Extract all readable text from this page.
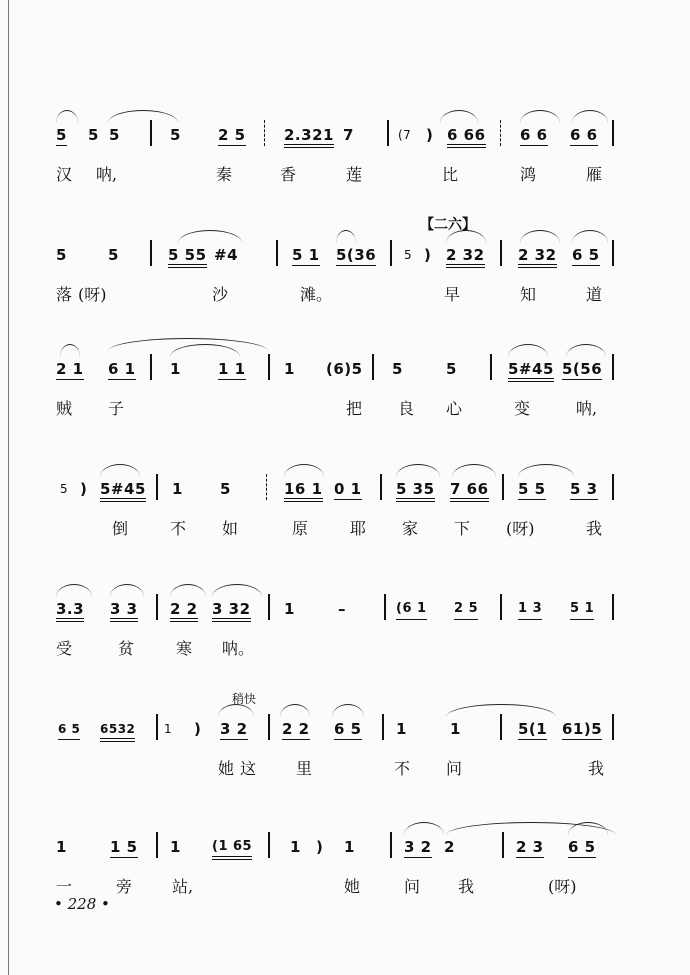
【二六】
稍快
5 5 5	5 2 5	2.321 7	(7 ) 6 66 6 6 6 6
汉 呐,	秦	香	莲	比	鸿	雁
5	5	5 55 #4	5 1 5(36 5 ) 2 32 2 32 6 5
落 (呀)	沙	滩。	早	知	道
2 1 6 1 1 1 1	1 (6)5 5	5	5#45 5(56
贼 子	把 良 心	变	呐,
5 ) 5#45 1 5	16 1 0 1 5 35 7 66 5 5 5 3
倒	不 如	原	耶 家 下 (呀)	我
3.3 3 3 2 2 3 32 1	–	(6 1 2 5	1 3 5 1
受	贫	寒 呐。
6 5 6532 1 ) 3 2 2 2 6 5 1	1	5(1 61)5
她 这 里	不 问	我
1	1 5 1 (1 65	1 ) 1	3 2 2	2 3 6 5
一	旁 站,	她	问 我	(呀)
• 228 •
